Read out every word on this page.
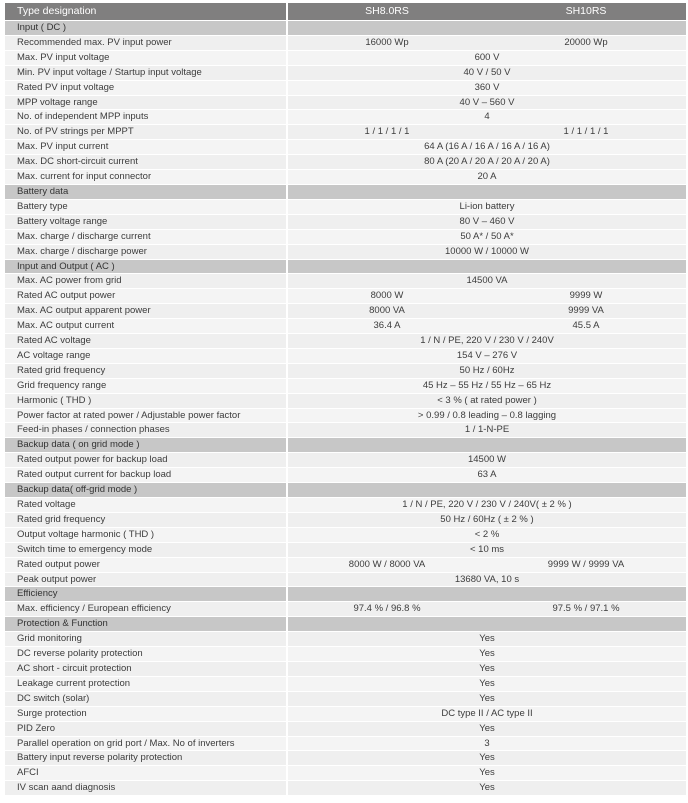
Type designation	SH8.0RS	SH10RS
Input ( DC )		
Recommended max. PV input power	16000 Wp	20000 Wp
Max. PV input voltage	600 V	
Min. PV input voltage / Startup input voltage	40 V / 50 V	
Rated PV input voltage	360 V	
MPP voltage range	40 V – 560 V	
No. of independent MPP inputs	4	
No. of PV strings per MPPT	1 / 1 / 1 / 1	1 / 1 / 1 / 1
Max. PV input current	64 A (16 A / 16 A / 16 A / 16 A)	
Max. DC short-circuit current	80 A (20 A / 20 A / 20 A / 20 A)	
Max. current for input connector	20 A	
Battery data		
Battery type	Li-ion battery	
Battery voltage range	80 V – 460 V	
Max. charge / discharge current	50 A* / 50 A*	
Max. charge / discharge power	10000 W / 10000 W	
Input and Output ( AC )		
Max. AC power from grid	14500 VA	
Rated AC output power	8000 W	9999 W
Max. AC output apparent power	8000 VA	9999 VA
Max. AC output current	36.4 A	45.5 A
Rated AC voltage	1 / N / PE, 220 V / 230 V / 240V	
AC voltage range	154 V – 276 V	
Rated grid frequency	50 Hz / 60Hz	
Grid frequency range	45 Hz – 55 Hz / 55 Hz – 65 Hz	
Harmonic ( THD )	< 3 % ( at rated power )	
Power factor at rated power / Adjustable power factor	> 0.99 / 0.8 leading – 0.8 lagging	
Feed-in phases / connection phases	1 / 1-N-PE	
Backup data ( on grid mode )		
Rated output power for backup load	14500 W	
Rated output current for backup load	63 A	
Backup data( off-grid mode )		
Rated voltage	1 / N / PE, 220 V / 230 V / 240V( ± 2 % )	
Rated grid frequency	50 Hz / 60Hz ( ± 2 % )	
Output voltage harmonic ( THD )	< 2 %	
Switch time to emergency mode	< 10 ms	
Rated output power	8000 W / 8000 VA	9999 W / 9999 VA
Peak output power	13680 VA, 10 s	
Efficiency		
Max. efficiency / European efficiency	97.4 % / 96.8 %	97.5 % / 97.1 %
Protection & Function		
Grid monitoring	Yes	
DC reverse polarity protection	Yes	
AC short - circuit protection	Yes	
Leakage current protection	Yes	
DC switch (solar)	Yes	
Surge protection	DC type II / AC type II	
PID Zero	Yes	
Parallel operation on grid port / Max. No of inverters	3	
Battery input reverse polarity protection	Yes	
AFCI	Yes	
IV scan aand diagnosis	Yes	
